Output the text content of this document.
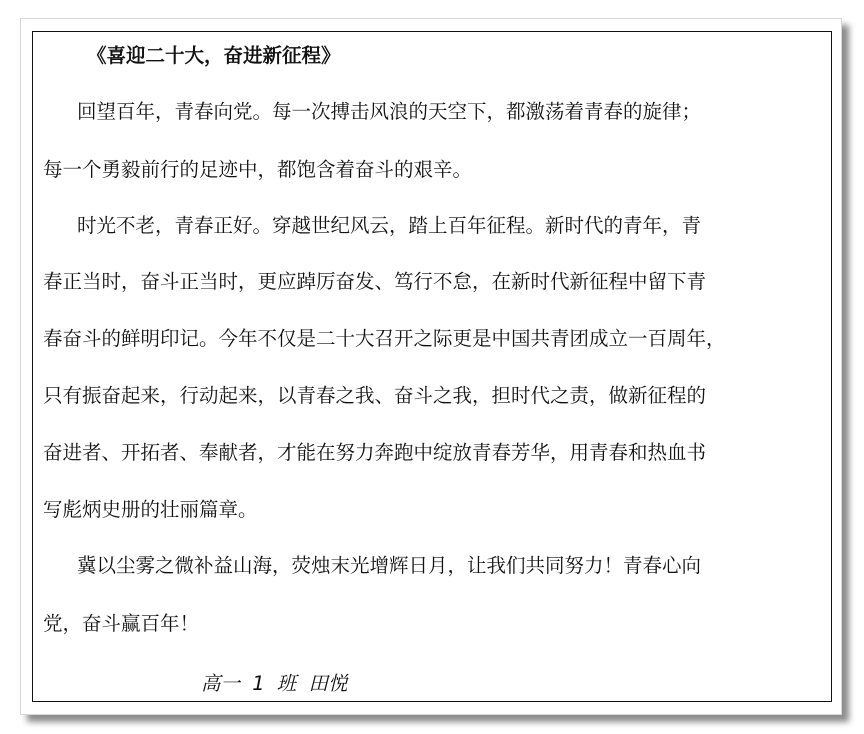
《喜迎二十大，奋进新征程》
回望百年，青春向党。每一次搏击风浪的天空下，都激荡着青春的旋律；
每一个勇毅前行的足迹中，都饱含着奋斗的艰辛。
时光不老，青春正好。穿越世纪风云，踏上百年征程。新时代的青年，青
春正当时，奋斗正当时，更应踔厉奋发、笃行不怠，在新时代新征程中留下青
春奋斗的鲜明印记。今年不仅是二十大召开之际更是中国共青团成立一百周年，
只有振奋起来，行动起来，以青春之我、奋斗之我，担时代之责，做新征程的
奋进者、开拓者、奉献者，才能在努力奔跑中绽放青春芳华，用青春和热血书
写彪炳史册的壮丽篇章。
冀以尘雾之微补益山海，荧烛末光增辉日月，让我们共同努力！青春心向
党，奋斗赢百年！
高一 1 班 田悦
